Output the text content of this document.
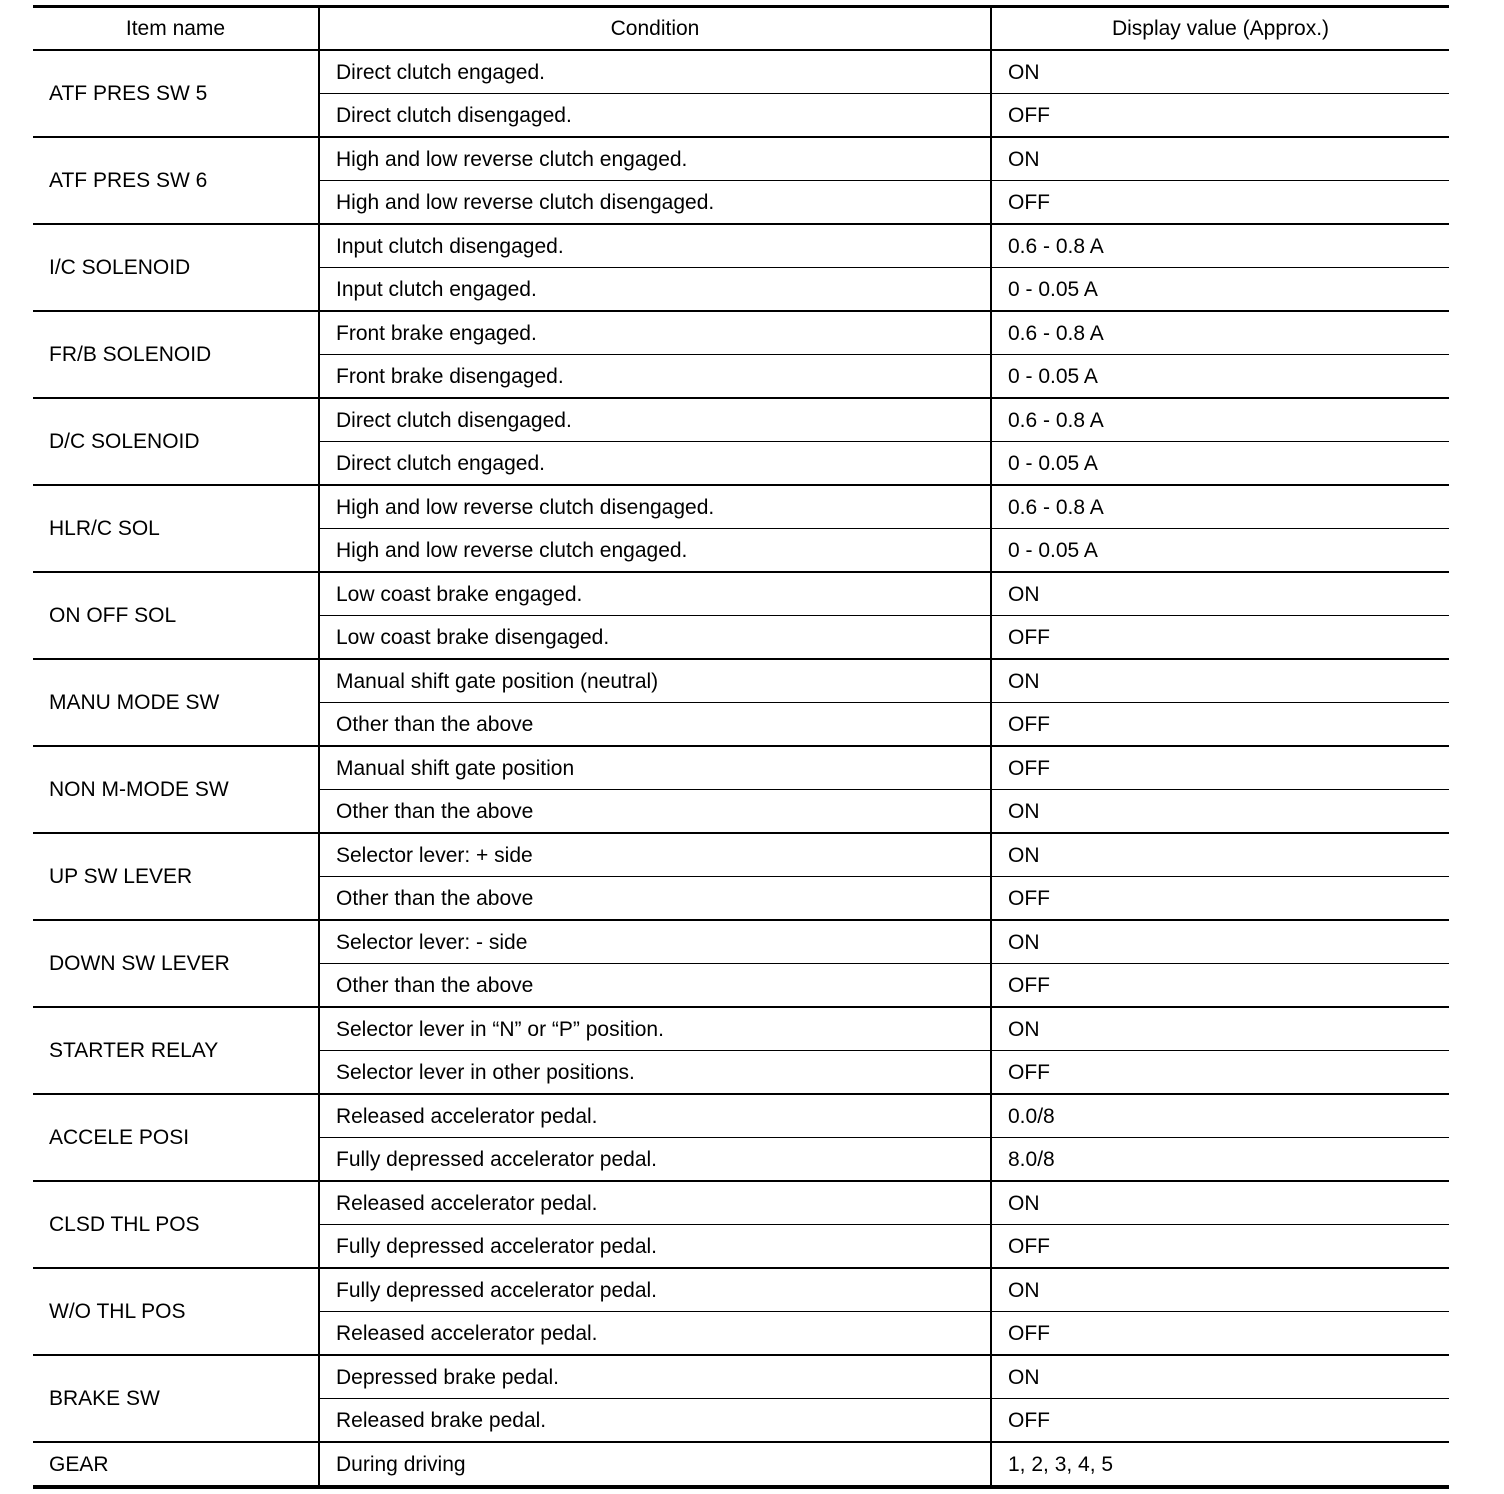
Item name	Condition	Display value (Approx.)
ATF PRES SW 5	Direct clutch engaged.	ON
	Direct clutch disengaged.	OFF
ATF PRES SW 6	High and low reverse clutch engaged.	ON
	High and low reverse clutch disengaged.	OFF
I/C SOLENOID	Input clutch disengaged.	0.6 - 0.8 A
	Input clutch engaged.	0 - 0.05 A
FR/B SOLENOID	Front brake engaged.	0.6 - 0.8 A
	Front brake disengaged.	0 - 0.05 A
D/C SOLENOID	Direct clutch disengaged.	0.6 - 0.8 A
	Direct clutch engaged.	0 - 0.05 A
HLR/C SOL	High and low reverse clutch disengaged.	0.6 - 0.8 A
	High and low reverse clutch engaged.	0 - 0.05 A
ON OFF SOL	Low coast brake engaged.	ON
	Low coast brake disengaged.	OFF
MANU MODE SW	Manual shift gate position (neutral)	ON
	Other than the above	OFF
NON M-MODE SW	Manual shift gate position	OFF
	Other than the above	ON
UP SW LEVER	Selector lever: + side	ON
	Other than the above	OFF
DOWN SW LEVER	Selector lever: - side	ON
	Other than the above	OFF
STARTER RELAY	Selector lever in “N” or “P” position.	ON
	Selector lever in other positions.	OFF
ACCELE POSI	Released accelerator pedal.	0.0/8
	Fully depressed accelerator pedal.	8.0/8
CLSD THL POS	Released accelerator pedal.	ON
	Fully depressed accelerator pedal.	OFF
W/O THL POS	Fully depressed accelerator pedal.	ON
	Released accelerator pedal.	OFF
BRAKE SW	Depressed brake pedal.	ON
	Released brake pedal.	OFF
GEAR	During driving	1, 2, 3, 4, 5
